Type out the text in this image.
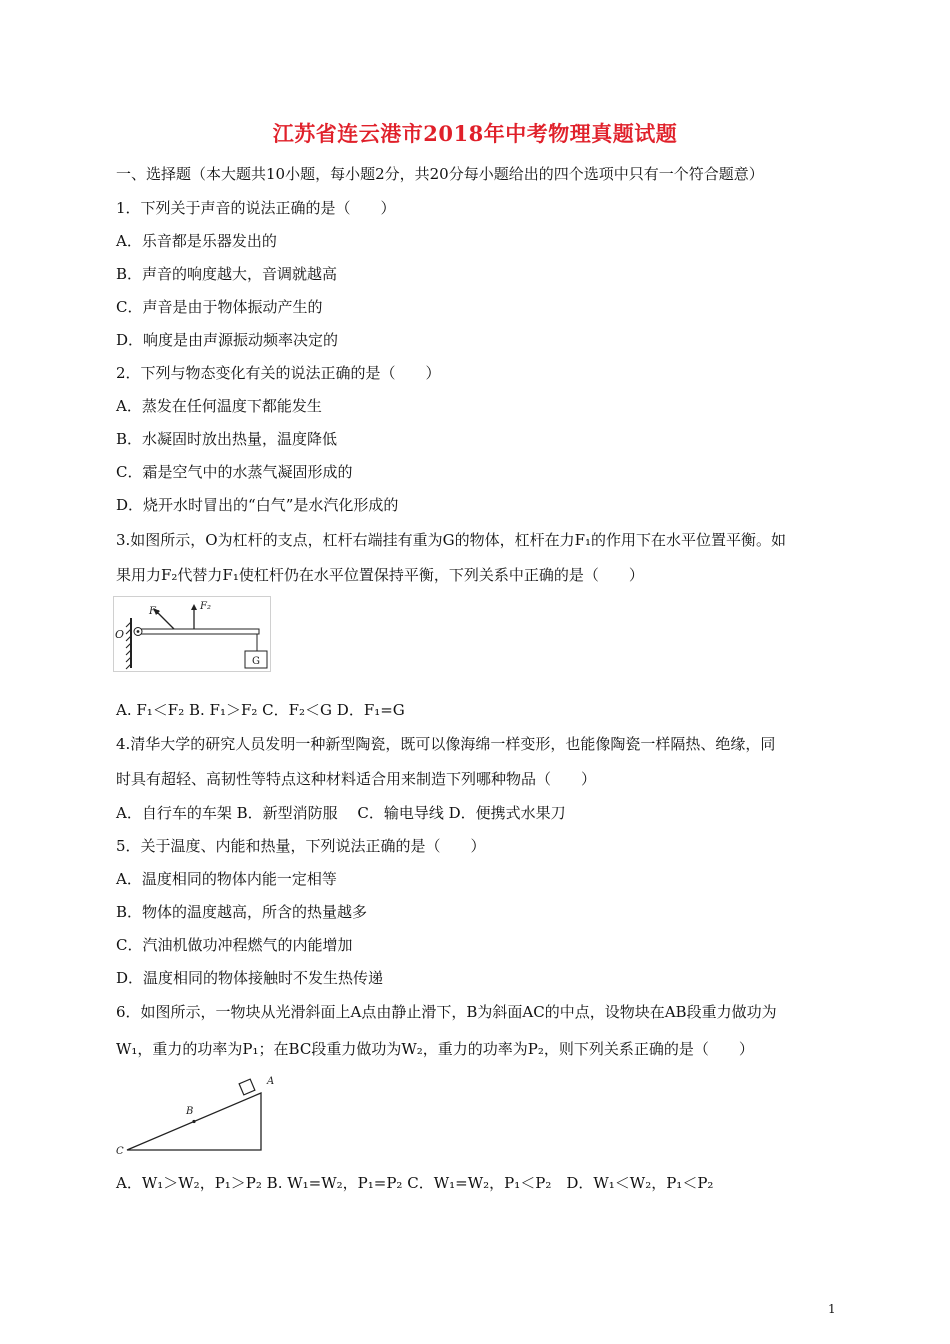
江苏省连云港市2018年中考物理真题试题
一、选择题（本大题共10小题，每小题2分，共20分每小题给出的四个选项中只有一个符合题意）
1．下列关于声音的说法正确的是（　　）
A．乐音都是乐器发出的
B．声音的响度越大，音调就越高
C．声音是由于物体振动产生的
D．响度是由声源振动频率决定的
2．下列与物态变化有关的说法正确的是（　　）
A．蒸发在任何温度下都能发生
B．水凝固时放出热量，温度降低
C．霜是空气中的水蒸气凝固形成的
D．烧开水时冒出的“白气”是水汽化形成的
3.如图所示，O为杠杆的支点，杠杆右端挂有重为G的物体，杠杆在力F₁的作用下在水平位置平衡。如
果用力F₂代替力F₁使杠杆仍在水平位置保持平衡，下列关系中正确的是（　　）
O
F₁	F₂
G
A. F₁＜F₂ B. F₁＞F₂ C．F₂＜G D．F₁=G
4.清华大学的研究人员发明一种新型陶瓷，既可以像海绵一样变形，也能像陶瓷一样隔热、绝缘，同
时具有超轻、高韧性等特点这种材料适合用来制造下列哪种物品（　　）
A．自行车的车架 B．新型消防服　 C．输电导线 D．便携式水果刀
5．关于温度、内能和热量，下列说法正确的是（　　）
A．温度相同的物体内能一定相等
B．物体的温度越高，所含的热量越多
C．汽油机做功冲程燃气的内能增加
D．温度相同的物体接触时不发生热传递
6．如图所示，一物块从光滑斜面上A点由静止滑下，B为斜面AC的中点，设物块在AB段重力做功为
W₁，重力的功率为P₁；在BC段重力做功为W₂，重力的功率为P₂，则下列关系正确的是（　　）
A
B
C
A．W₁＞W₂，P₁＞P₂ B. W₁=W₂，P₁=P₂ C．W₁=W₂，P₁＜P₂　D．W₁＜W₂，P₁＜P₂
1
